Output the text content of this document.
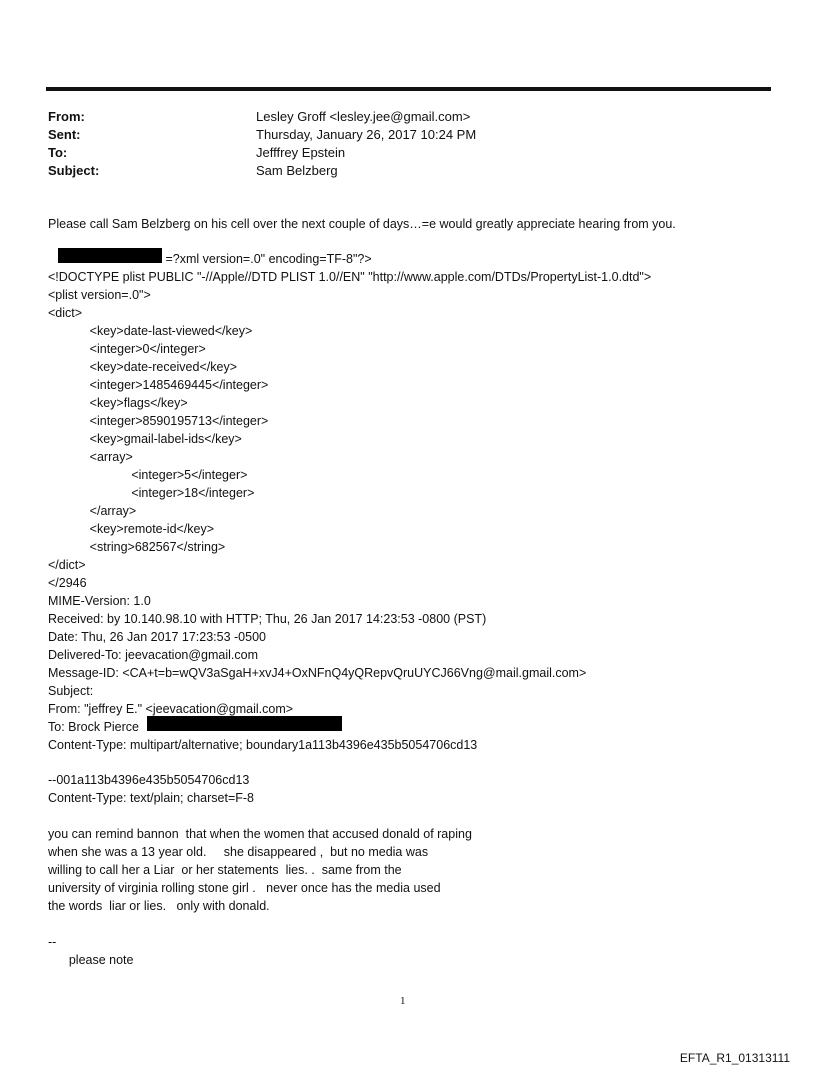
From:	Lesley Groff <lesley.jee@gmail.com>
Sent:	Thursday, January 26, 2017 10:24 PM
To:	Jefffrey Epstein
Subject:	Sam Belzberg
Please call Sam Belzberg on his cell over the next couple of days…=e would greatly appreciate hearing from you.
=?xml version=.0" encoding=TF-8"?>
<!DOCTYPE plist PUBLIC "-//Apple//DTD PLIST 1.0//EN" "http://www.apple.com/DTDs/PropertyList-1.0.dtd">
<plist version=.0">
<dict>
<key>date-last-viewed</key>
<integer>0</integer>
<key>date-received</key>
<integer>1485469445</integer>
<key>flags</key>
<integer>8590195713</integer>
<key>gmail-label-ids</key>
<array>
<integer>5</integer>
<integer>18</integer>
</array>
<key>remote-id</key>
<string>682567</string>
</dict>
</2946
MIME-Version: 1.0
Received: by 10.140.98.10 with HTTP; Thu, 26 Jan 2017 14:23:53 -0800 (PST)
Date: Thu, 26 Jan 2017 17:23:53 -0500
Delivered-To: jeevacation@gmail.com
Message-ID: <CA+t=b=wQV3aSgaH+xvJ4+OxNFnQ4yQRepvQruUYCJ66Vng@mail.gmail.com>
Subject:
From: "jeffrey E." <jeevacation@gmail.com>
To: Brock Pierce
Content-Type: multipart/alternative; boundary1a113b4396e435b5054706cd13
--001a113b4396e435b5054706cd13
Content-Type: text/plain; charset=F-8
you can remind bannon  that when the women that accused donald of raping
when she was a 13 year old.     she disappeared ,  but no media was
willing to call her a Liar  or her statements  lies. .  same from the
university of virginia rolling stone girl .   never once has the media used
the words  liar or lies.   only with donald.
--
please note
1
EFTA_R1_01313111
